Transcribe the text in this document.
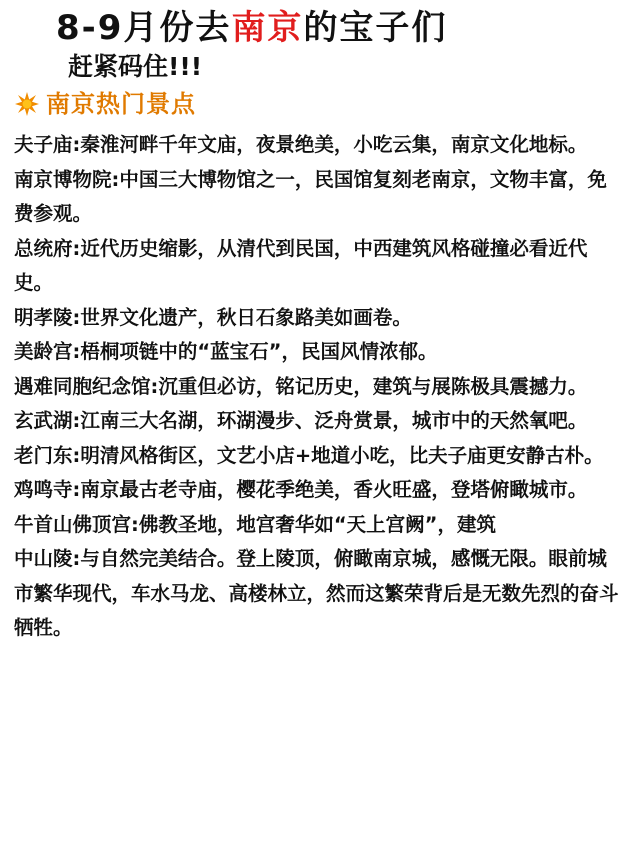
8-9月份去南京的宝子们
赶紧码住!!!
南京热门景点
夫子庙:秦淮河畔千年文庙，夜景绝美，小吃云集，南京文化地标。
南京博物院:中国三大博物馆之一，民国馆复刻老南京，文物丰富，免费参观。
总统府:近代历史缩影，从清代到民国，中西建筑风格碰撞必看近代史。
明孝陵:世界文化遗产，秋日石象路美如画卷。
美龄宫:梧桐项链中的“蓝宝石”，民国风情浓郁。
遇难同胞纪念馆:沉重但必访，铭记历史，建筑与展陈极具震撼力。
玄武湖:江南三大名湖，环湖漫步、泛舟赏景，城市中的天然氧吧。
老门东:明清风格街区，文艺小店+地道小吃，比夫子庙更安静古朴。
鸡鸣寺:南京最古老寺庙，樱花季绝美，香火旺盛，登塔俯瞰城市。
牛首山佛顶宫:佛教圣地，地宫奢华如“天上宫阙”，建筑
中山陵:与自然完美结合。登上陵顶，俯瞰南京城，感慨无限。眼前城市繁华现代，车水马龙、高楼林立，然而这繁荣背后是无数先烈的奋斗牺牲。
